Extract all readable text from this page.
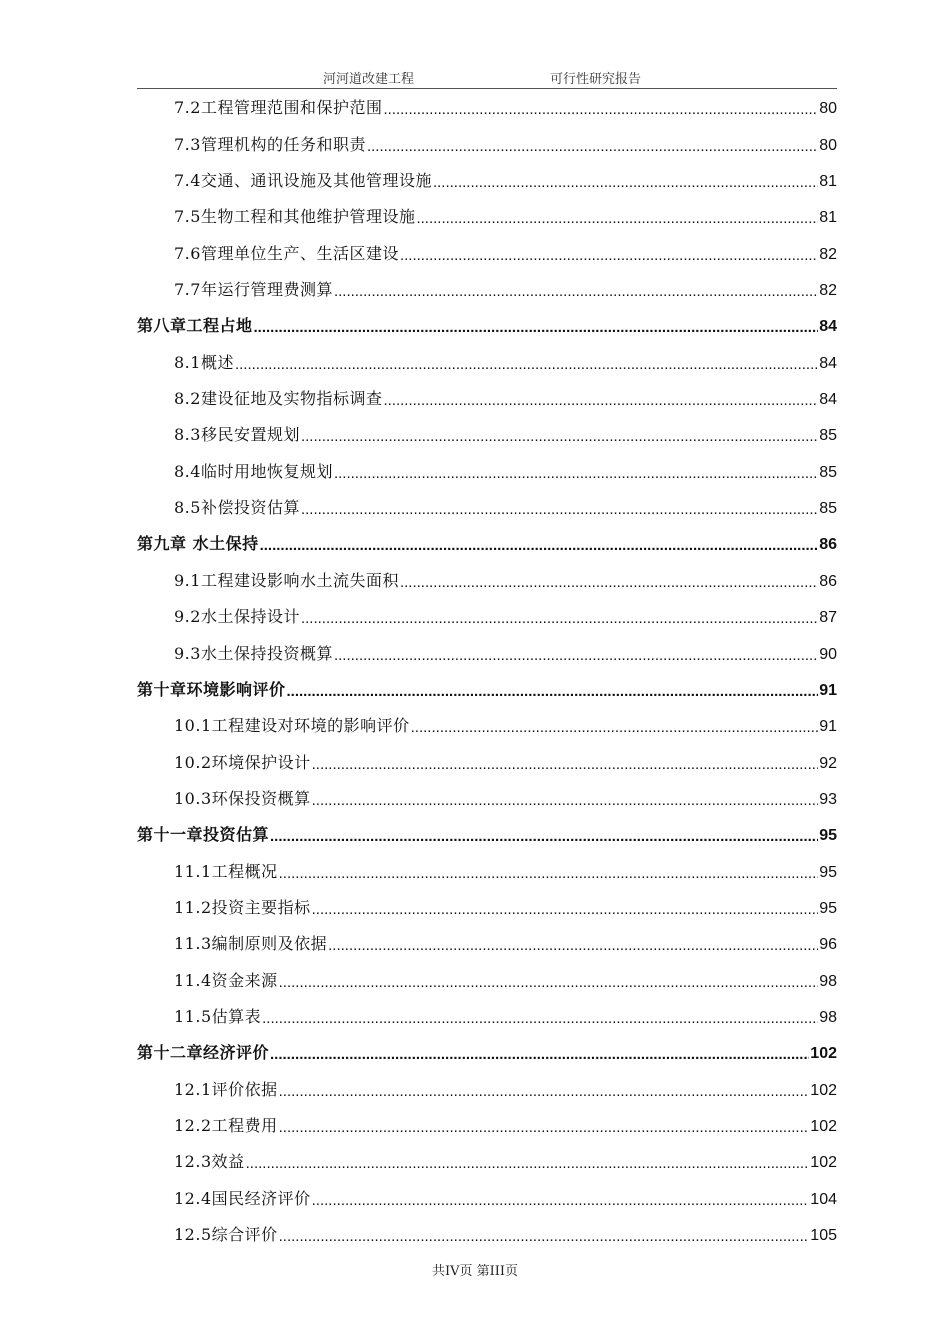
河河道改建工程	可行性研究报告
7.2工程管理范围和保护范围 .....	80
7.3管理机构的任务和职责 .....	80
7.4交通、通讯设施及其他管理设施 .....	81
7.5生物工程和其他维护管理设施 .....	81
7.6管理单位生产、生活区建设 .....	82
7.7年运行管理费测算 .....	82
第八章工程占地 .....	84
8.1概述 .....	84
8.2建设征地及实物指标调查 .....	84
8.3移民安置规划 .....	85
8.4临时用地恢复规划 .....	85
8.5补偿投资估算 .....	85
第九章 水土保持 .....	86
9.1工程建设影响水土流失面积 .....	86
9.2水土保持设计 .....	87
9.3水土保持投资概算 .....	90
第十章环境影响评价 .....	91
10.1工程建设对环境的影响评价 .....	91
10.2环境保护设计 .....	92
10.3环保投资概算 .....	93
第十一章投资估算 .....	95
11.1工程概况 .....	95
11.2投资主要指标 .....	95
11.3编制原则及依据 .....	96
11.4资金来源 .....	98
11.5估算表 .....	98
第十二章经济评价 .....	102
12.1评价依据 .....	102
12.2工程费用 .....	102
12.3效益 .....	102
12.4国民经济评价 .....	104
12.5综合评价 .....	105
共IV页 第III页
